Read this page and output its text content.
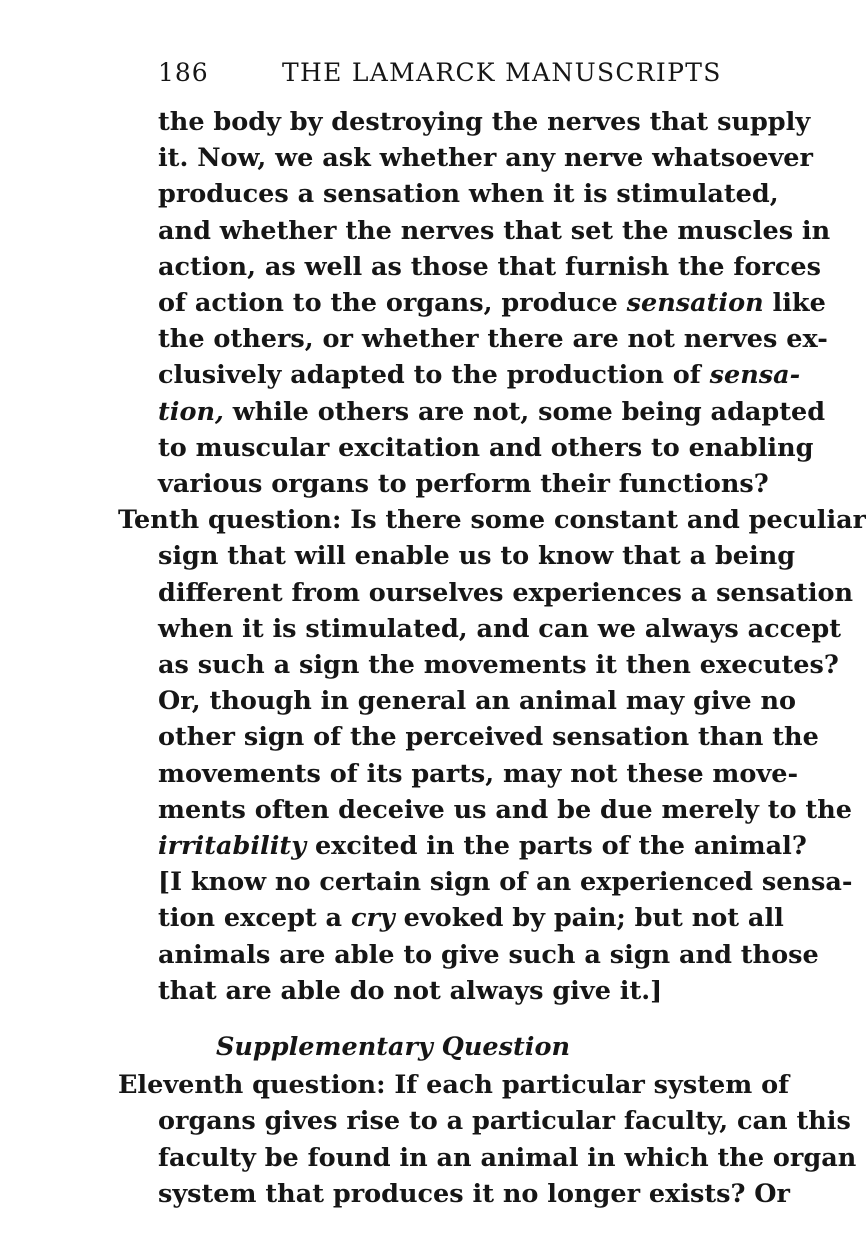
186	THE LAMARCK MANUSCRIPTS
the body by destroying the nerves that supply
it. Now, we ask whether any nerve whatsoever
produces a sensation when it is stimulated,
and whether the nerves that set the muscles in
action, as well as those that furnish the forces
of action to the organs, produce sensation like
the others, or whether there are not nerves ex-
clusively adapted to the production of sensa-
tion, while others are not, some being adapted
to muscular excitation and others to enabling
various organs to perform their functions?
Tenth question: Is there some constant and peculiar
sign that will enable us to know that a being
different from ourselves experiences a sensation
when it is stimulated, and can we always accept
as such a sign the movements it then executes?
Or, though in general an animal may give no
other sign of the perceived sensation than the
movements of its parts, may not these move-
ments often deceive us and be due merely to the
irritability excited in the parts of the animal?
[I know no certain sign of an experienced sensa-
tion except a cry evoked by pain; but not all
animals are able to give such a sign and those
that are able do not always give it.]
Supplementary Question
Eleventh question: If each particular system of
organs gives rise to a particular faculty, can this
faculty be found in an animal in which the organ
system that produces it no longer exists? Or
